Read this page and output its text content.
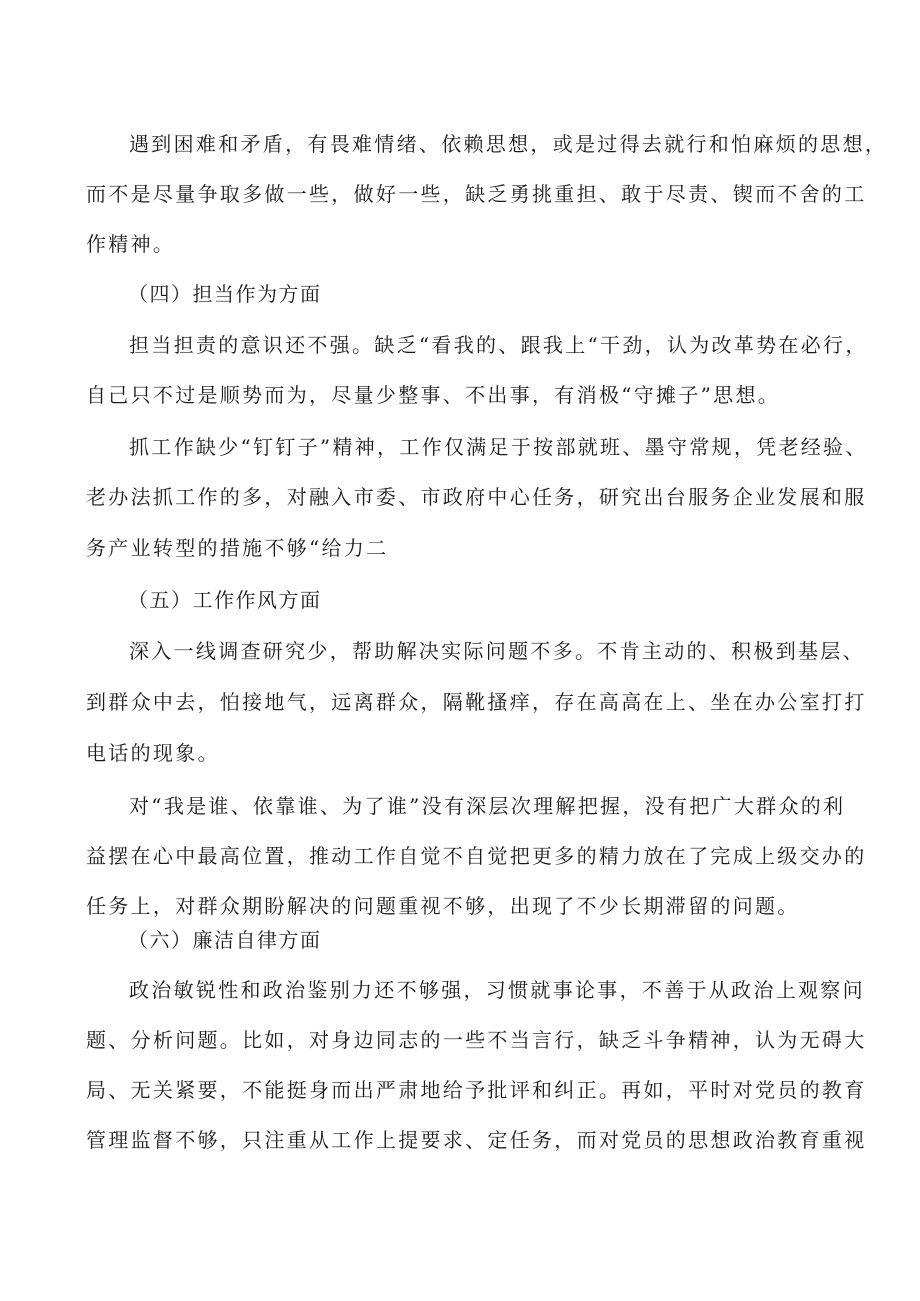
遇到困难和矛盾，有畏难情绪、依赖思想，或是过得去就行和怕麻烦的思想，
而不是尽量争取多做一些，做好一些，缺乏勇挑重担、敢于尽责、锲而不舍的工
作精神。
（四）担当作为方面
担当担责的意识还不强。缺乏“看我的、跟我上“干劲，认为改革势在必行，
自己只不过是顺势而为，尽量少整事、不出事，有消极“守摊子”思想。
抓工作缺少“钉钉子”精神，工作仅满足于按部就班、墨守常规，凭老经验、
老办法抓工作的多，对融入市委、市政府中心任务，研究出台服务企业发展和服
务产业转型的措施不够“给力二
（五）工作作风方面
深入一线调查研究少，帮助解决实际问题不多。不肯主动的、积极到基层、
到群众中去，怕接地气，远离群众，隔靴搔痒，存在高高在上、坐在办公室打打
电话的现象。
对“我是谁、依靠谁、为了谁”没有深层次理解把握，没有把广大群众的利
益摆在心中最高位置，推动工作自觉不自觉把更多的精力放在了完成上级交办的
任务上，对群众期盼解决的问题重视不够，出现了不少长期滞留的问题。
（六）廉洁自律方面
政治敏锐性和政治鉴别力还不够强，习惯就事论事，不善于从政治上观察问
题、分析问题。比如，对身边同志的一些不当言行，缺乏斗争精神，认为无碍大
局、无关紧要，不能挺身而出严肃地给予批评和纠正。再如，平时对党员的教育
管理监督不够，只注重从工作上提要求、定任务，而对党员的思想政治教育重视
